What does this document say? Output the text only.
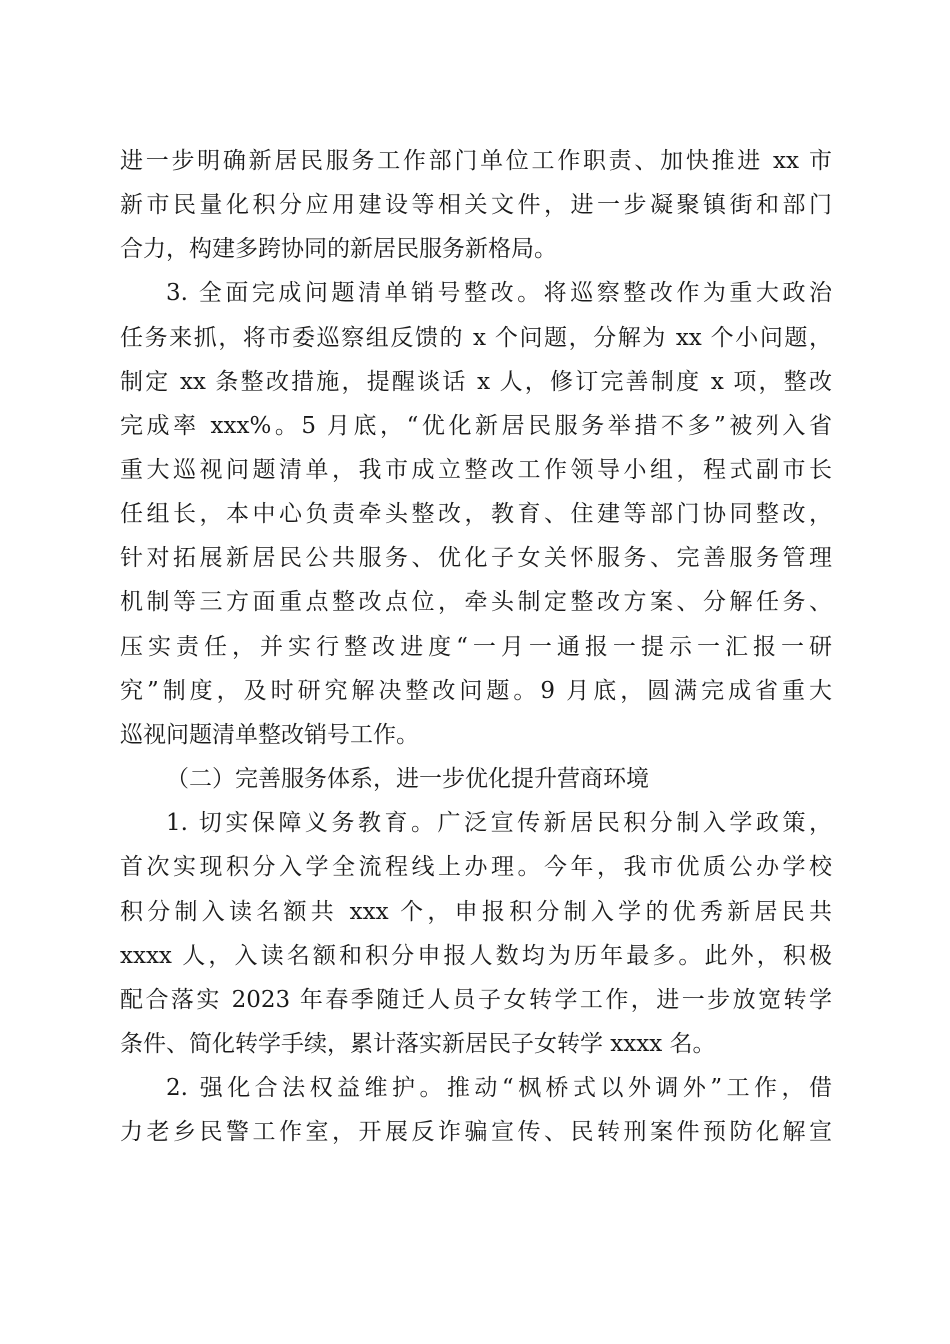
进一步明确新居民服务工作部门单位工作职责、加快推进 xx 市
新市民量化积分应用建设等相关文件，进一步凝聚镇街和部门
合力，构建多跨协同的新居民服务新格局。
3. 全面完成问题清单销号整改。将巡察整改作为重大政治
任务来抓，将市委巡察组反馈的 x 个问题，分解为 xx 个小问题，
制定 xx 条整改措施，提醒谈话 x 人，修订完善制度 x 项，整改
完成率 xxx%。5 月底，“优化新居民服务举措不多”被列入省
重大巡视问题清单，我市成立整改工作领导小组，程式副市长
任组长，本中心负责牵头整改，教育、住建等部门协同整改，
针对拓展新居民公共服务、优化子女关怀服务、完善服务管理
机制等三方面重点整改点位，牵头制定整改方案、分解任务、
压实责任，并实行整改进度“一月一通报一提示一汇报一研
究”制度，及时研究解决整改问题。9 月底，圆满完成省重大
巡视问题清单整改销号工作。
（二）完善服务体系，进一步优化提升营商环境
1. 切实保障义务教育。广泛宣传新居民积分制入学政策，
首次实现积分入学全流程线上办理。今年，我市优质公办学校
积分制入读名额共 xxx 个，申报积分制入学的优秀新居民共
xxxx 人，入读名额和积分申报人数均为历年最多。此外，积极
配合落实 2023 年春季随迁人员子女转学工作，进一步放宽转学
条件、简化转学手续，累计落实新居民子女转学 xxxx 名。
2. 强化合法权益维护。推动“枫桥式以外调外”工作，借
力老乡民警工作室，开展反诈骗宣传、民转刑案件预防化解宣
